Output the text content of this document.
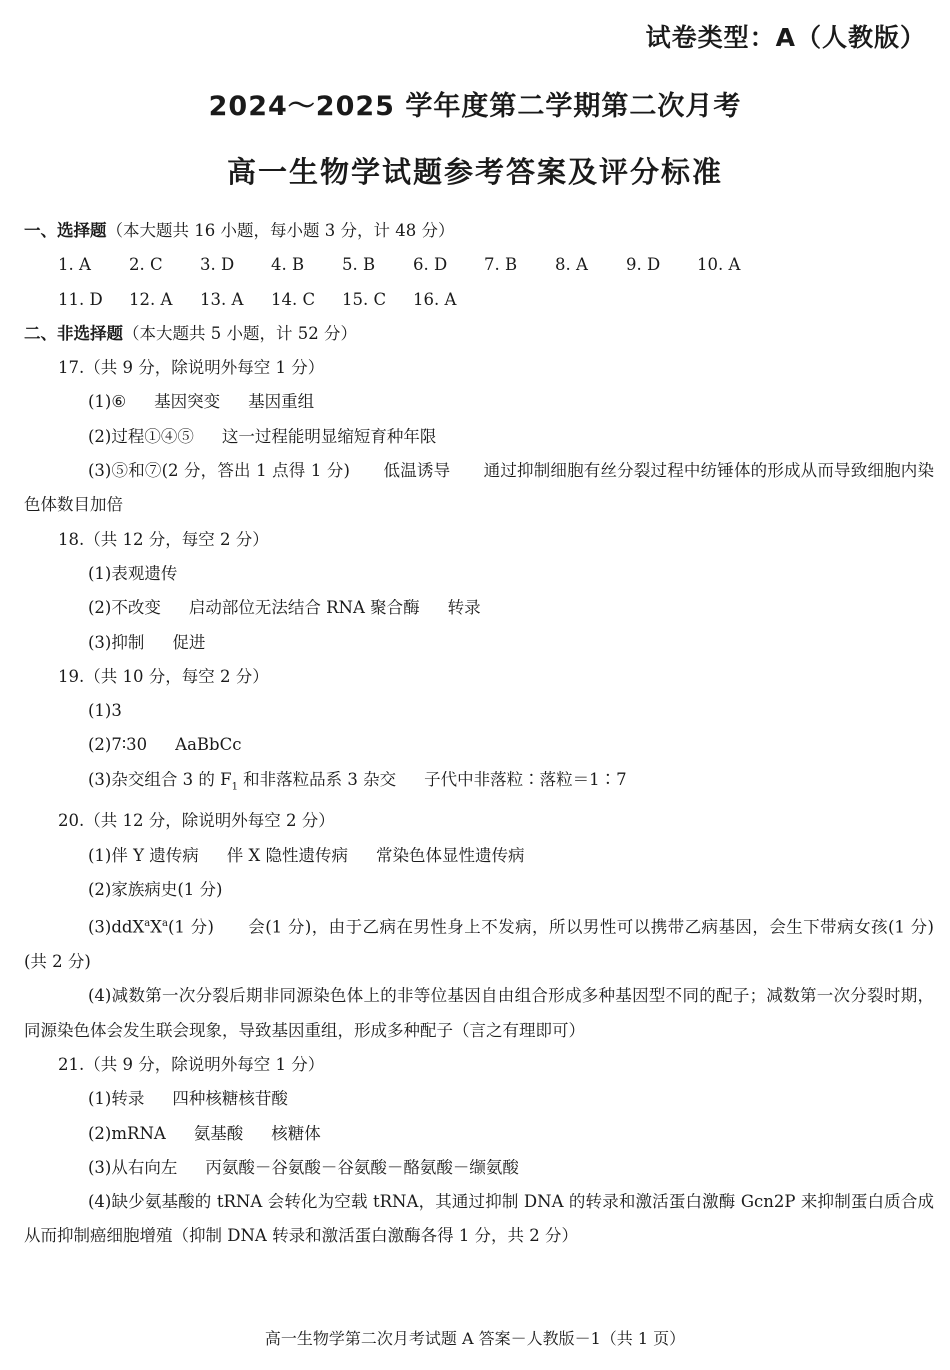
试卷类型：A（人教版）
2024～2025 学年度第二学期第二次月考
高一生物学试题参考答案及评分标准
一、选择题（本大题共 16 小题，每小题 3 分，计 48 分）
1. A 2. C 3. D 4. B 5. B 6. D 7. B 8. A 9. D 10. A
11. D 12. A 13. A 14. C 15. C 16. A
二、非选择题（本大题共 5 小题，计 52 分）
17.（共 9 分，除说明外每空 1 分）
(1)⑥ 基因突变 基因重组
(2)过程①④⑤ 这一过程能明显缩短育种年限
(3)⑤和⑦(2 分，答出 1 点得 1 分)　　低温诱导　　通过抑制细胞有丝分裂过程中纺锤体的形成从而导致细胞内染色体数目加倍
18.（共 12 分，每空 2 分）
(1)表观遗传
(2)不改变 启动部位无法结合 RNA 聚合酶 转录
(3)抑制 促进
19.（共 10 分，每空 2 分）
(1)3
(2)7∶30 AaBbCc
(3)杂交组合 3 的 $F_1$ 和非落粒品系 3 杂交 子代中非落粒∶落粒＝1∶7
20.（共 12 分，除说明外每空 2 分）
(1)伴 Y 遗传病 伴 X 隐性遗传病 常染色体显性遗传病
(2)家族病史(1 分)
$(3)ddX^aX^a(1$ 分)　　会(1 分)，由于乙病在男性身上不发病，所以男性可以携带乙病基因，会生下带病女孩(1 分)(共 2 分)
(4)减数第一次分裂后期非同源染色体上的非等位基因自由组合形成多种基因型不同的配子；减数第一次分裂时期，同源染色体会发生联会现象，导致基因重组，形成多种配子（言之有理即可）
21.（共 9 分，除说明外每空 1 分）
(1)转录 四种核糖核苷酸
(2)mRNA 氨基酸 核糖体
(3)从右向左 丙氨酸－谷氨酸－谷氨酸－酪氨酸－缬氨酸
(4)缺少氨基酸的 tRNA 会转化为空载 tRNA，其通过抑制 DNA 的转录和激活蛋白激酶 Gcn2P 来抑制蛋白质合成从而抑制癌细胞增殖（抑制 DNA 转录和激活蛋白激酶各得 1 分，共 2 分）
高一生物学第二次月考试题 A 答案－人教版－1（共 1 页）
